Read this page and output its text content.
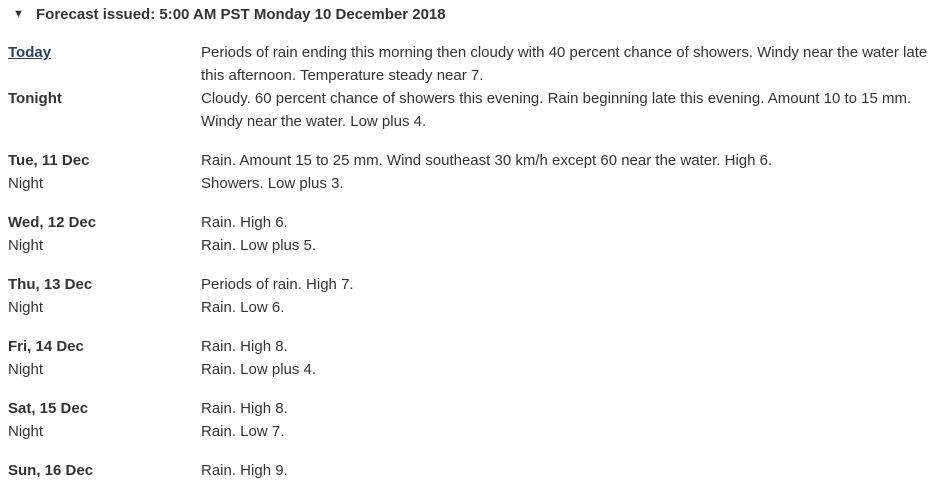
▼ Forecast issued: 5:00 AM PST Monday 10 December 2018
Today	Periods of rain ending this morning then cloudy with 40 percent chance of showers. Windy near the water late this afternoon. Temperature steady near 7.
Tonight	Cloudy. 60 percent chance of showers this evening. Rain beginning late this evening. Amount 10 to 15 mm. Windy near the water. Low plus 4.
Tue, 11 Dec	Rain. Amount 15 to 25 mm. Wind southeast 30 km/h except 60 near the water. High 6.
Night	Showers. Low plus 3.
Wed, 12 Dec	Rain. High 6.
Night	Rain. Low plus 5.
Thu, 13 Dec	Periods of rain. High 7.
Night	Rain. Low 6.
Fri, 14 Dec	Rain. High 8.
Night	Rain. Low plus 4.
Sat, 15 Dec	Rain. High 8.
Night	Rain. Low 7.
Sun, 16 Dec	Rain. High 9.
